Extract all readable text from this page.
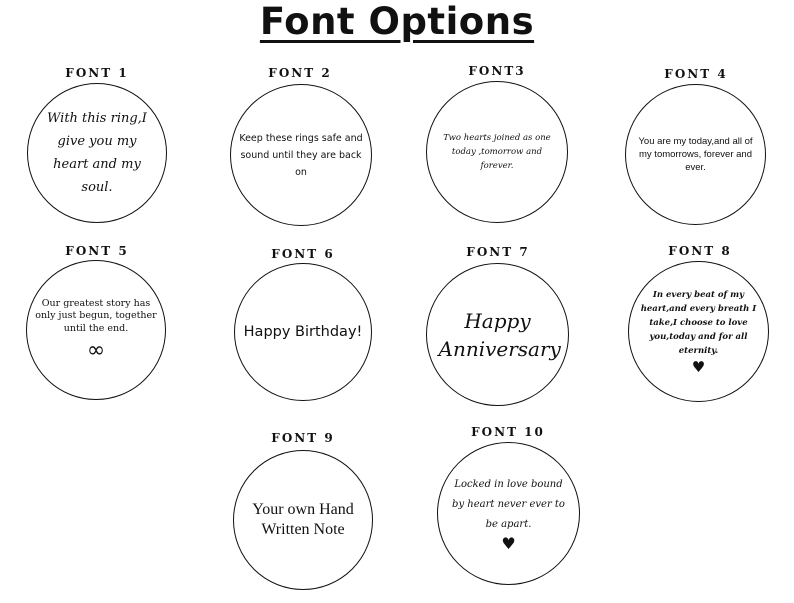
Font Options
FONT 1
With this ring,I give you my heart and my soul.
FONT 2
Keep these rings safe and sound until they are back on
FONT3
Two hearts joined as one today ,tomorrow and forever.
FONT 4
You are my today,and all of my tomorrows, forever and ever.
FONT 5
Our greatest story has only just begun, together until the end.
∞
FONT 6
Happy Birthday!
FONT 7
Happy Anniversary
FONT 8
In every beat of my heart,and every breath I take,I choose to love you,today and for all eternity.
♥
FONT 9
Your own Hand Written Note
FONT 10
Locked in love bound by heart never ever to be apart.
♥
